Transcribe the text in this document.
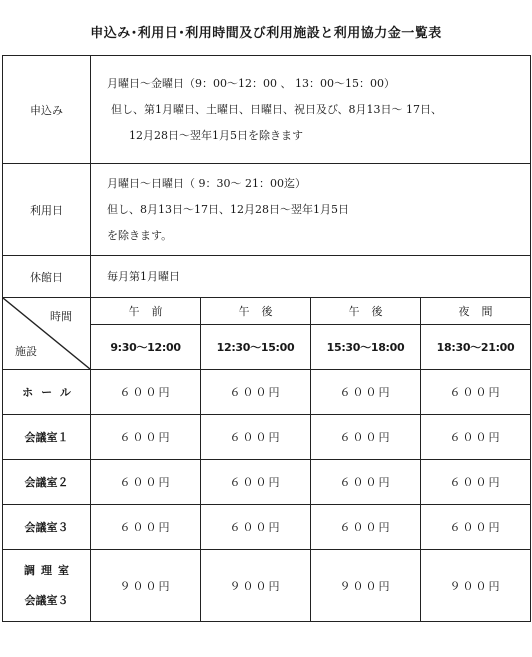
申込み･利用日･利用時間及び利用施設と利用協力金一覧表
申込み	月曜日～金曜日（9：00～12：00 、 13：00～15：00）
但し、第1月曜日、土曜日、日曜日、祝日及び、8月13日～ 17日、
12月28日～翌年1月5日を除きます			

利用日	月曜日～日曜日（ 9：30～ 21：00迄）
但し、8月13日～17日、12月28日～翌年1月5日
を除きます。			

休館日	毎月第1月曜日			

時間
施設	午前	午後	午後	夜間
	9:30～12:00	12:30～15:00	15:30～18:00	18:30～21:00
ホール	６００円	６００円	６００円	６００円
会議室１	６００円	６００円	６００円	６００円
会議室２	６００円	６００円	６００円	６００円
会議室３	６００円	６００円	６００円	６００円

調理室
会議室３	９００円	９００円	９００円	９００円
